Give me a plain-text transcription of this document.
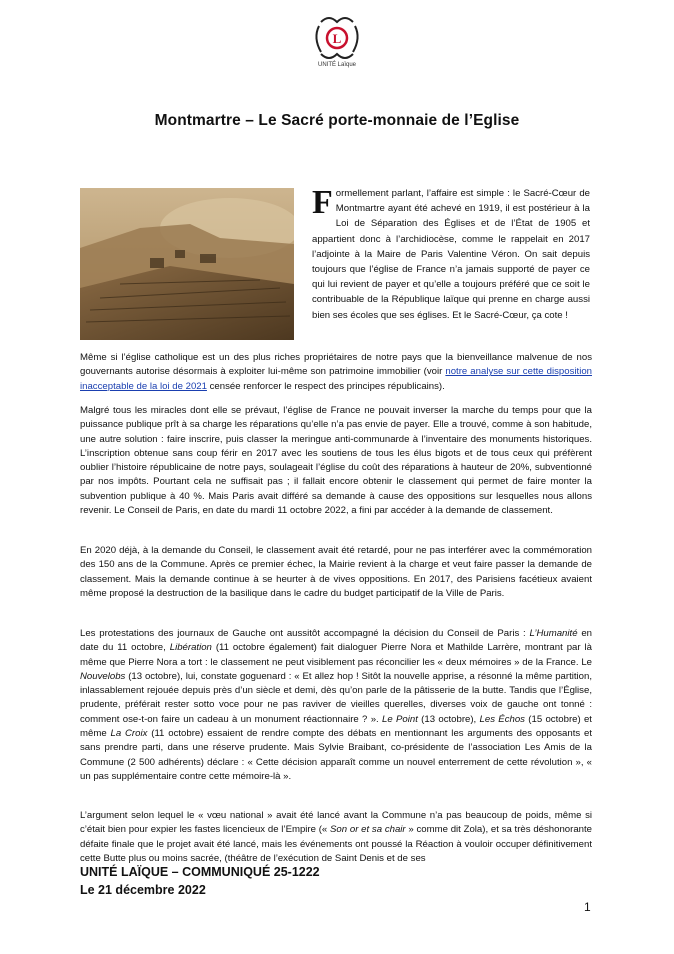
L
UNITÉ Laïque
Montmartre – Le Sacré porte-monnaie de l’Eglise
Formellement parlant, l’affaire est simple : le Sacré-Cœur de Montmartre ayant été achevé en 1919, il est postérieur à la Loi de Séparation des Églises et de l’État de 1905 et appartient donc à l’archidiocèse, comme le rappelait en 2017 l’adjointe à la Maire de Paris Valentine Véron. On sait depuis toujours que l’église de France n’a jamais supporté de payer ce qui lui revient de payer et qu’elle a toujours préféré que ce soit le contribuable de la République laïque qui prenne en charge aussi bien ses écoles que ses églises. Et le Sacré-Cœur, ça cote !

Même si l’église catholique est un des plus riches propriétaires de notre pays que la bienveillance malvenue de nos gouvernants autorise désormais à exploiter lui-même son patrimoine immobilier (voir notre analyse sur cette disposition inacceptable de la loi de 2021 censée renforcer le respect des principes républicains).

Malgré tous les miracles dont elle se prévaut, l’église de France ne pouvait inverser la marche du temps pour que la puissance publique prît à sa charge les réparations qu’elle n’a pas envie de payer. Elle a trouvé, comme à son habitude, une autre solution : faire inscrire, puis classer la meringue anti-communarde à l’inventaire des monuments historiques. L’inscription obtenue sans coup férir en 2017 avec les soutiens de tous les élus bigots et de tous ceux qui préfèrent oublier l’histoire républicaine de notre pays, soulageait l’église du coût des réparations à hauteur de 20%, subventionné par nos impôts. Pourtant cela ne suffisait pas ; il fallait encore obtenir le classement qui permet de faire monter la subvention publique à 40 %. Mais Paris avait différé sa demande à cause des oppositions sur lesquelles nous allons revenir. Le Conseil de Paris, en date du mardi 11 octobre 2022, a fini par accéder à la demande de classement.

En 2020 déjà, à la demande du Conseil, le classement avait été retardé, pour ne pas interférer avec la commémoration des 150 ans de la Commune. Après ce premier échec, la Mairie revient à la charge et veut faire passer la demande de classement. Mais la demande continue à se heurter à de vives oppositions. En 2017, des Parisiens facétieux avaient même proposé la destruction de la basilique dans le cadre du budget participatif de la Ville de Paris.

Les protestations des journaux de Gauche ont aussitôt accompagné la décision du Conseil de Paris : L’Humanité en date du 11 octobre, Libération (11 octobre également) fait dialoguer Pierre Nora et Mathilde Larrère, montrant par là même que Pierre Nora a tort : le classement ne peut visiblement pas réconcilier les « deux mémoires » de la France. Le Nouvelobs (13 octobre), lui, constate goguenard : « Et allez hop ! Sitôt la nouvelle apprise, a résonné la même partition, inlassablement rejouée depuis près d’un siècle et demi, dès qu’on parle de la pâtisserie de la butte. Tandis que l’Église, prudente, préférait rester sotto voce pour ne pas raviver de vieilles querelles, diverses voix de gauche ont tonné : comment ose-t-on faire un cadeau à un monument réactionnaire ? ». Le Point (13 octobre), Les Échos (15 octobre) et même La Croix (11 octobre) essaient de rendre compte des débats en mentionnant les arguments des opposants et sans prendre parti, dans une réserve prudente. Mais Sylvie Braibant, co-présidente de l’association Les Amis de la Commune (2 500 adhérents) déclare : « Cette décision apparaît comme un nouvel enterrement de cette révolution », « un pas supplémentaire contre cette mémoire-là ».

L’argument selon lequel le « vœu national » avait été lancé avant la Commune n’a pas beaucoup de poids, même si c’était bien pour expier les fastes licencieux de l’Empire (« Son or et sa chair » comme dit Zola), et sa très déshonorante défaite finale que le projet avait été lancé, mais les événements ont poussé la Réaction à vouloir occuper définitivement cette Butte plus ou moins sacrée, (théâtre de l’exécution de Saint Denis et de ses

UNITÉ LAÏQUE – COMMUNIQUÉ 25-1222
Le 21 décembre 2022
1
